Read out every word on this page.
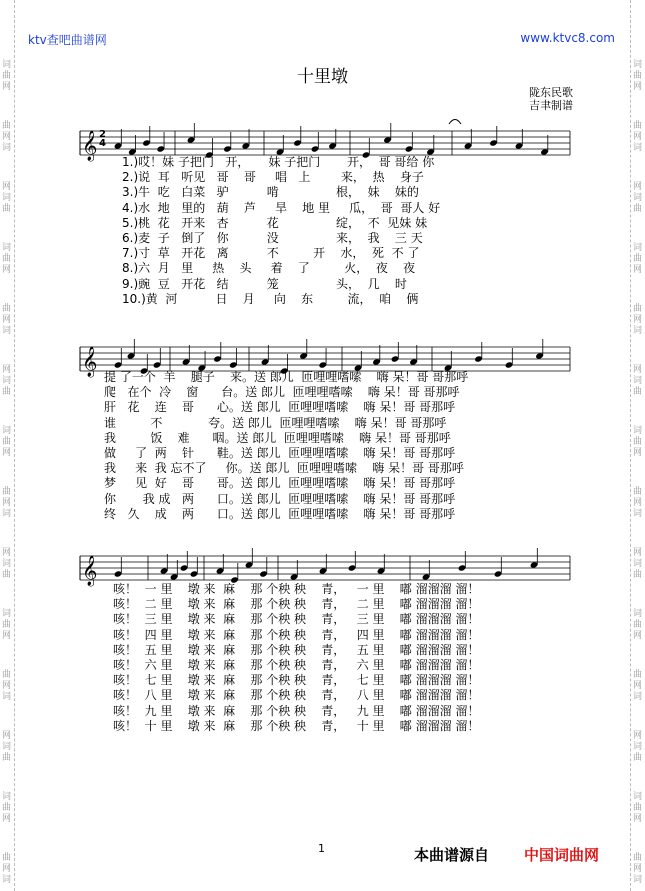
词
曲
网
曲
网
词
网
词
曲
词
曲
网
曲
网
词
网
词
曲
词
曲
网
曲
网
词
网
词
曲
词
曲
网
曲
网
词
网
词
曲
词
曲
网
曲
网
词
词
曲
网
曲
网
词
网
词
曲
词
曲
网
曲
网
词
网
词
曲
词
曲
网
曲
网
词
网
词
曲
词
曲
网
曲
网
词
网
词
曲
词
曲
网
曲
网
词
ktv查吧曲谱网	www.ktvc8.com
十里墩
陇东民歌
吉聿制谱
2
4
𝄞
𝄞
𝄞
1.)哎！妹 子把门   开，     妹 子把门       开，  哥 哥给 你
2.)说  耳   听见   哥    哥     唱   上        来，  热    身子
3.)牛  吃   白菜   驴          啃               根，  妹    妹的
4.)水  地   里的   葫    芦     旱    地 里     瓜，  哥  哥人 好
5.)桃  花   开来   杏          花               绽，  不  见妹 妹
6.)麦  子   倒了   你          没               来，  我    三 天
7.)寸  草   开花   离          不         开    水，  死  不 了
8.)六  月   里     热    头     着    了         火，  夜    夜
9.)豌  豆   开花   结          笼               头，  几    时
10.)黄  河          日    月     向    东         流，  咱    俩
提 了一个  羊    腿子    来。送 郎儿  匝哩哩嗜嗦    嗨 呆！哥 哥那呼
爬   在个  冷    窗      台。送 郎儿  匝哩哩嗜嗦    嗨 呆！哥 哥那呼
肝   花    连    哥      心。送 郎儿  匝哩哩嗜嗦    嗨 呆！哥 哥那呼
谁         不            夸。送 郎儿  匝哩哩嗜嗦    嗨 呆！哥 哥那呼
我         饭    难      咽。送 郎儿  匝哩哩嗜嗦    嗨 呆！哥 哥那呼
做     了  两    针      鞋。送 郎儿  匝哩哩嗜嗦    嗨 呆！哥 哥那呼
我     来  我 忘不了     你。送 郎儿  匝哩哩嗜嗦    嗨 呆！哥 哥那呼
梦     见  好    哥      哥。送 郎儿  匝哩哩嗜嗦    嗨 呆！哥 哥那呼
你       我 成   两      口。送 郎儿  匝哩哩嗜嗦    嗨 呆！哥 哥那呼
终   久    成    两      口。送 郎儿  匝哩哩嗜嗦    嗨 呆！哥 哥那呼
咳！  一 里    墩 来  麻    那 个秧 秧    青，   一 里    嘟 溜溜溜 溜！
咳！  二 里    墩 来  麻    那 个秧 秧    青，   二 里    嘟 溜溜溜 溜！
咳！  三 里    墩 来  麻    那 个秧 秧    青，   三 里    嘟 溜溜溜 溜！
咳！  四 里    墩 来  麻    那 个秧 秧    青，   四 里    嘟 溜溜溜 溜！
咳！  五 里    墩 来  麻    那 个秧 秧    青，   五 里    嘟 溜溜溜 溜！
咳！  六 里    墩 来  麻    那 个秧 秧    青，   六 里    嘟 溜溜溜 溜！
咳！  七 里    墩 来  麻    那 个秧 秧    青，   七 里    嘟 溜溜溜 溜！
咳！  八 里    墩 来  麻    那 个秧 秧    青，   八 里    嘟 溜溜溜 溜！
咳！  九 里    墩 来  麻    那 个秧 秧    青，   九 里    嘟 溜溜溜 溜！
咳！  十 里    墩 来  麻    那 个秧 秧    青，   十 里    嘟 溜溜溜 溜！
1	本曲谱源自 中国词曲网
